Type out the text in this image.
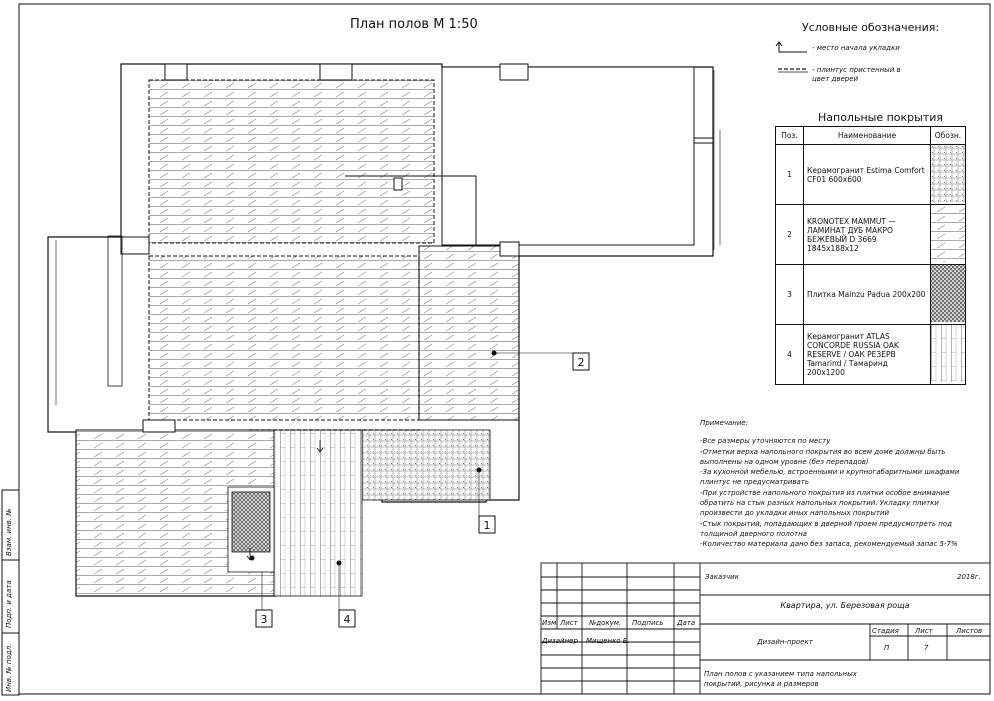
2
1
3	4
План полов М 1:50	Условные обозначения:
- место начала укладки
- плинтус пристенный в цвет дверей
Напольные покрытия
Поз.	Наименование	Обозн.
1	Керамогранит Estima Comfort CF01 600x600	
2	KRONOTEX MAMMUT — ЛАМИНАТ ДУБ МАКРО БЕЖЕВЫЙ D 3669 1845x188x12	
3	Плитка Mainzu Padua 200x200	
4	Керамогранит ATLAS CONCORDE RUSSIA OAK RESERVE / ОАК РЕЗЕРВ Tamarind / Тамаринд 200x1200	
Примечание:
-Все размеры уточняются по месту
-Отметки верха напольного покрытия во всем доме должны быть
выполнены на одном уровне (без перепадов)
-За кухонной мебелью, встроенными и крупногабаритными шкафами
плинтус не предусматривать
-При устройстве напольного покрытия из плитки особое внимание
обратить на стык разных напольных покрытий. Укладку плитки
произвести до укладки иных напольных покрытий
-Стык покрытий, попадающих в дверной проем предусмотреть под
толщиной дверного полотна
-Количество материала дано без запаса, рекомендуемый запас 5-7%
Заказчик	2018г.
Квартира, ул. Березовая роща
Изм. Лист №докум. Подпись Дата
Дизайнер Мищенко Е.	Дизайн-проект
Стадия Лист	Листов
П	7
План полов с указанием типа напольных покрытий, рисунка и размеров
Взам. инв. №
Подп. и дата
Инв. № подл.
